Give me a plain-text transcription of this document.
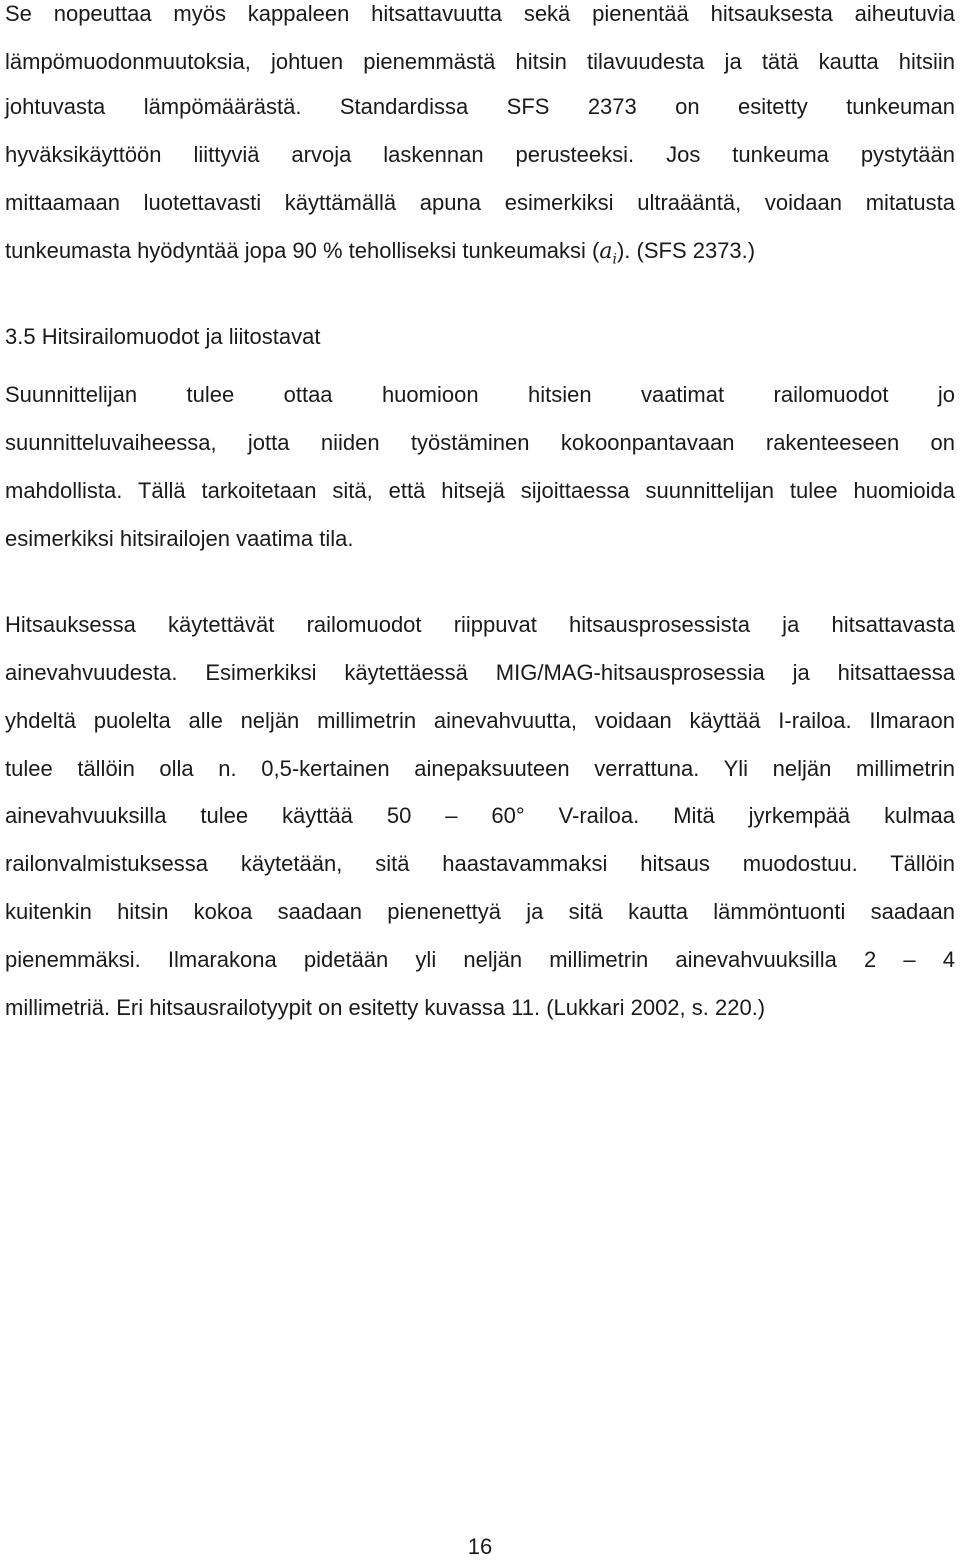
Se nopeuttaa myös kappaleen hitsattavuutta sekä pienentää hitsauksesta aiheutuvia
lämpömuodonmuutoksia, johtuen pienemmästä hitsin tilavuudesta ja tätä kautta hitsiin
johtuvasta lämpömäärästä. Standardissa SFS 2373 on esitetty tunkeuman
hyväksikäyttöön liittyviä arvoja laskennan perusteeksi. Jos tunkeuma pystytään
mittaamaan luotettavasti käyttämällä apuna esimerkiksi ultraääntä, voidaan mitatusta
tunkeumasta hyödyntää jopa 90 % teholliseksi tunkeumaksi $(a_i)$. (SFS 2373.)
3.5 Hitsirailomuodot ja liitostavat
Suunnittelijan tulee ottaa huomioon hitsien vaatimat railomuodot jo
suunnitteluvaiheessa, jotta niiden työstäminen kokoonpantavaan rakenteeseen on
mahdollista. Tällä tarkoitetaan sitä, että hitsejä sijoittaessa suunnittelijan tulee huomioida
esimerkiksi hitsirailojen vaatima tila.
Hitsauksessa käytettävät railomuodot riippuvat hitsausprosessista ja hitsattavasta
ainevahvuudesta. Esimerkiksi käytettäessä MIG/MAG-hitsausprosessia ja hitsattaessa
yhdeltä puolelta alle neljän millimetrin ainevahvuutta, voidaan käyttää I-railoa. Ilmaraon
tulee tällöin olla n. 0,5-kertainen ainepaksuuteen verrattuna. Yli neljän millimetrin
ainevahvuuksilla tulee käyttää 50 – 60° V-railoa. Mitä jyrkempää kulmaa
railonvalmistuksessa käytetään, sitä haastavammaksi hitsaus muodostuu. Tällöin
kuitenkin hitsin kokoa saadaan pienenettyä ja sitä kautta lämmöntuonti saadaan
pienemmäksi. Ilmarakona pidetään yli neljän millimetrin ainevahvuuksilla 2 – 4
millimetriä. Eri hitsausrailotyypit on esitetty kuvassa 11. (Lukkari 2002, s. 220.)
16
